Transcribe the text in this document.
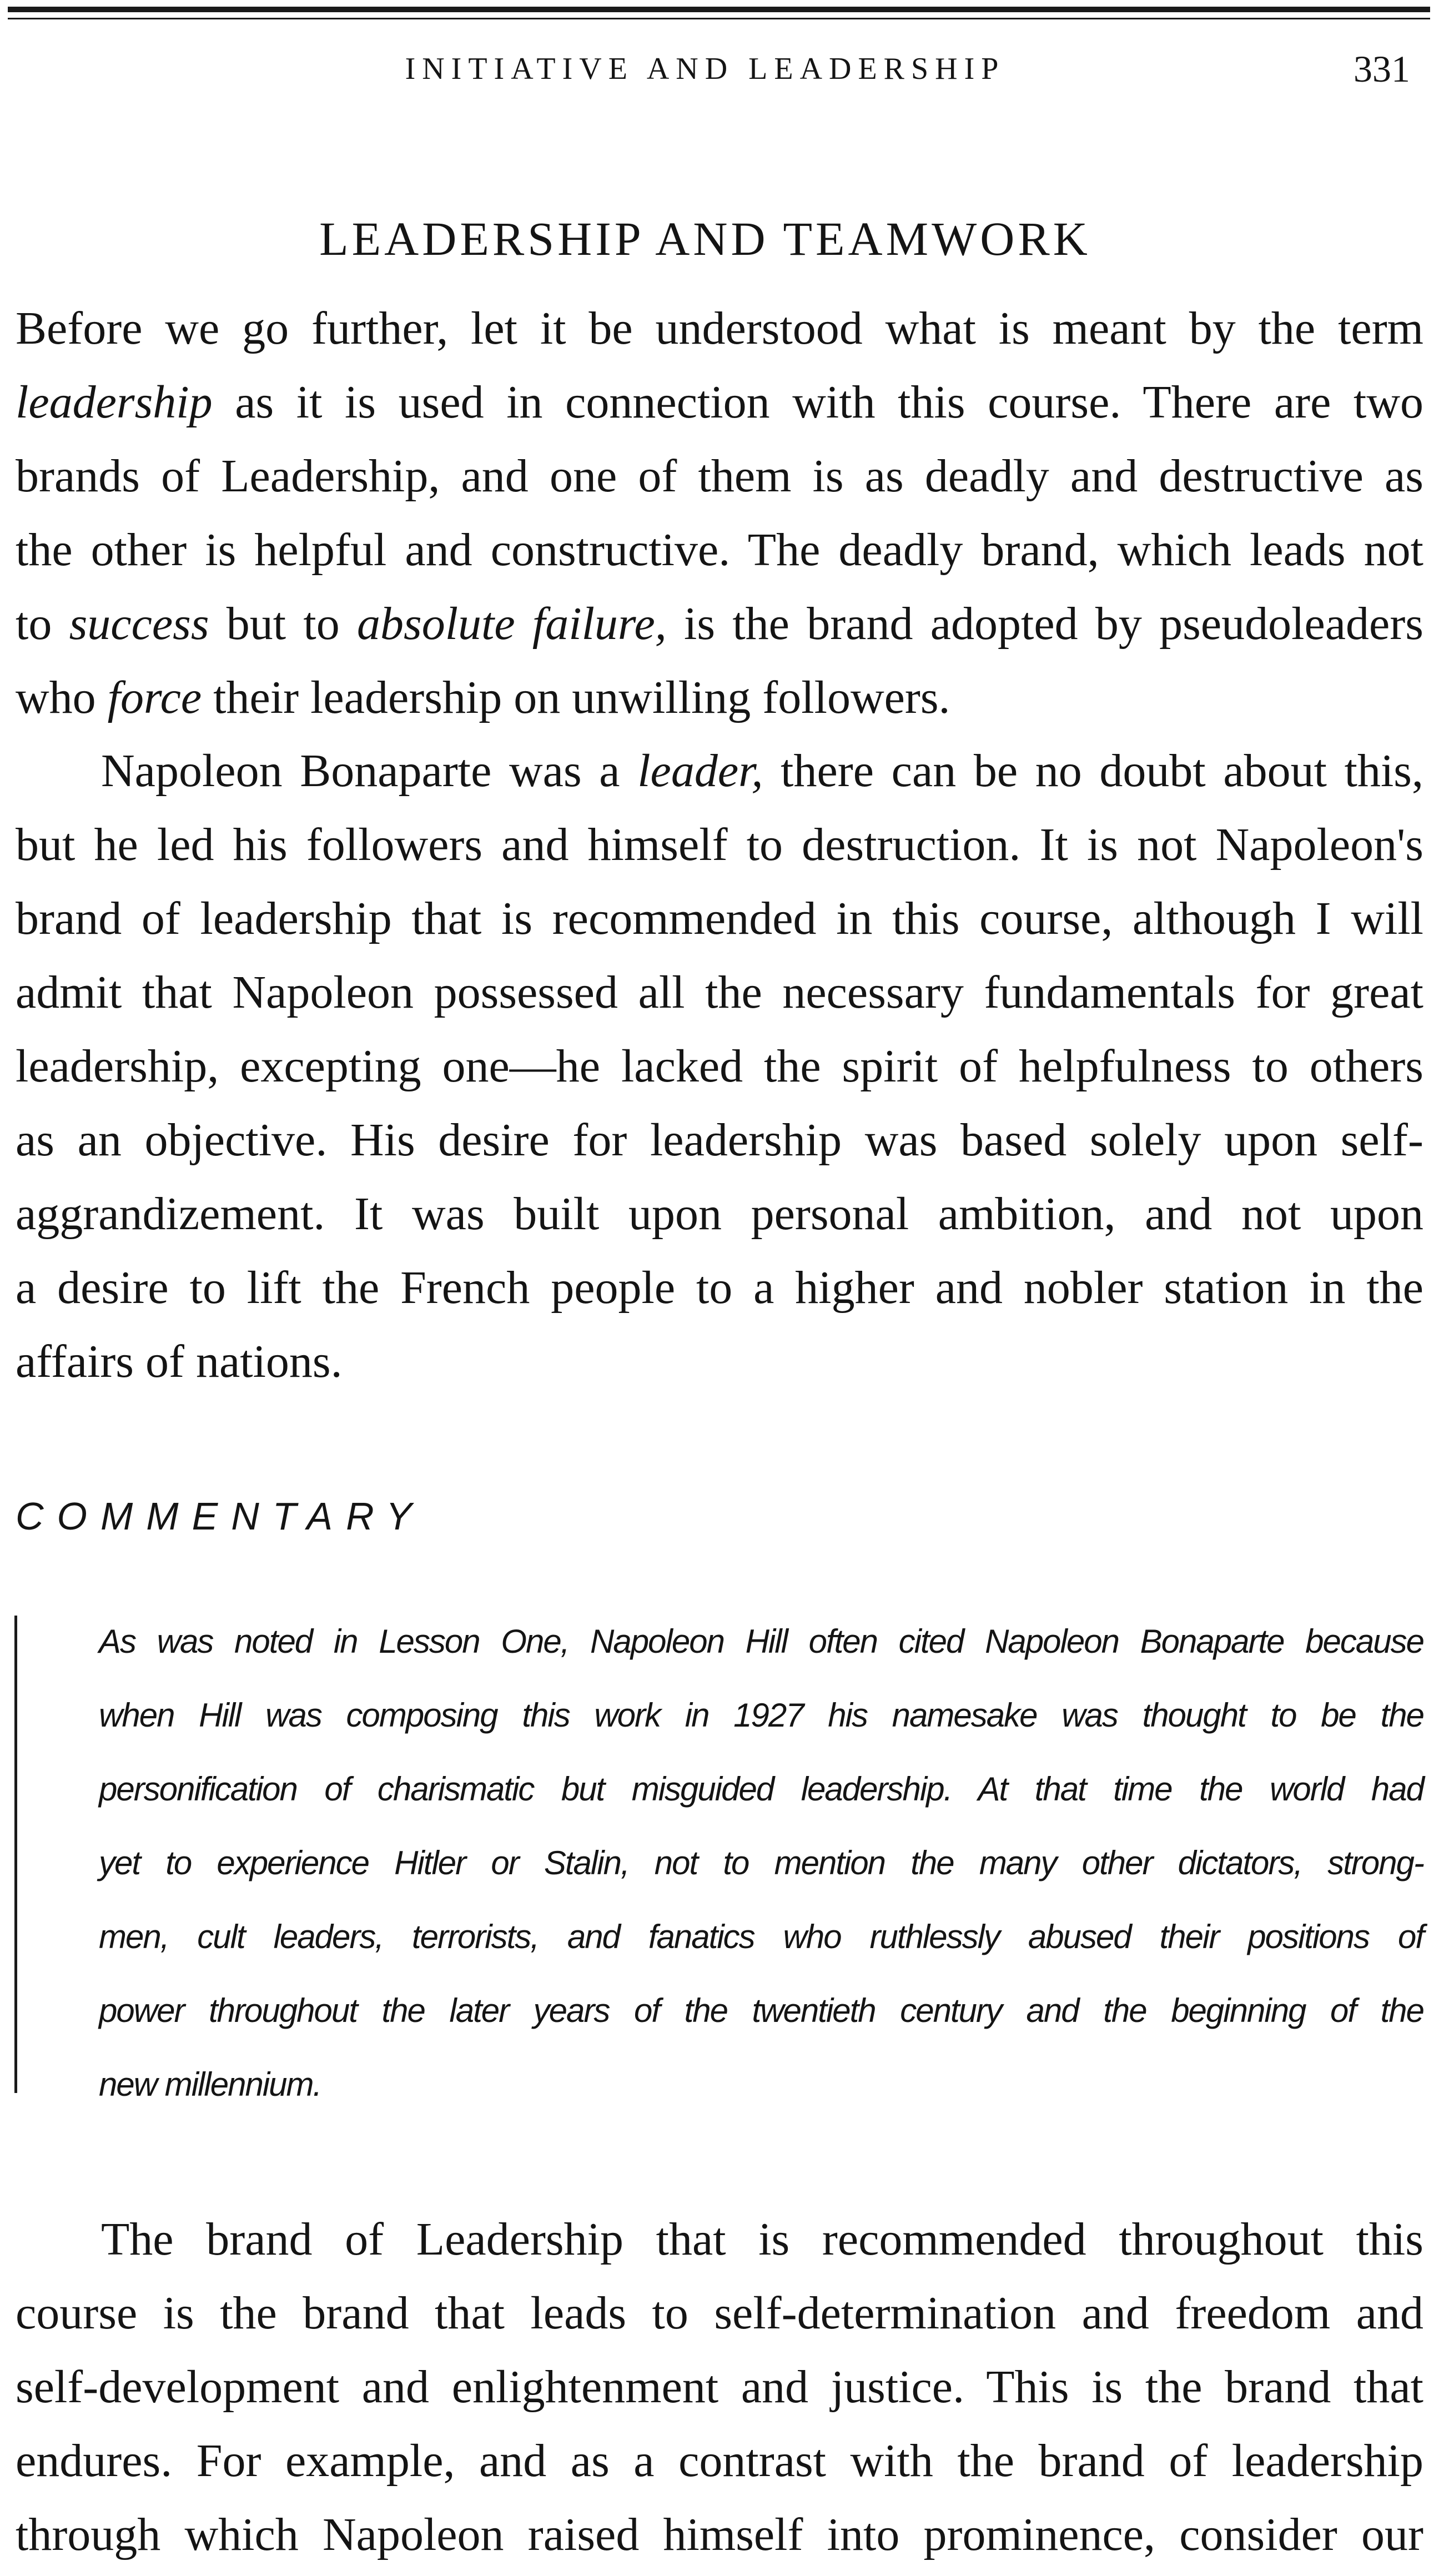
INITIATIVE AND LEADERSHIP	331
LEADERSHIP AND TEAMWORK
Before we go further, let it be understood what is meant by the term
leadership as it is used in connection with this course. There are two
brands of Leadership, and one of them is as deadly and destructive as
the other is helpful and constructive. The deadly brand, which leads not
to success but to absolute failure, is the brand adopted by pseudoleaders
who force their leadership on unwilling followers.
Napoleon Bonaparte was a leader, there can be no doubt about this,
but he led his followers and himself to destruction. It is not Napoleon's
brand of leadership that is recommended in this course, although I will
admit that Napoleon possessed all the necessary fundamentals for great
leadership, excepting one—he lacked the spirit of helpfulness to others
as an objective. His desire for leadership was based solely upon self-
aggrandizement. It was built upon personal ambition, and not upon
a desire to lift the French people to a higher and nobler station in the
affairs of nations.
COMMENTARY
As was noted in Lesson One, Napoleon Hill often cited Napoleon Bonaparte because
when Hill was composing this work in 1927 his namesake was thought to be the
personification of charismatic but misguided leadership. At that time the world had
yet to experience Hitler or Stalin, not to mention the many other dictators, strong-
men, cult leaders, terrorists, and fanatics who ruthlessly abused their positions of
power throughout the later years of the twentieth century and the beginning of the
new millennium.
The brand of Leadership that is recommended throughout this
course is the brand that leads to self-determination and freedom and
self-development and enlightenment and justice. This is the brand that
endures. For example, and as a contrast with the brand of leadership
through which Napoleon raised himself into prominence, consider our
